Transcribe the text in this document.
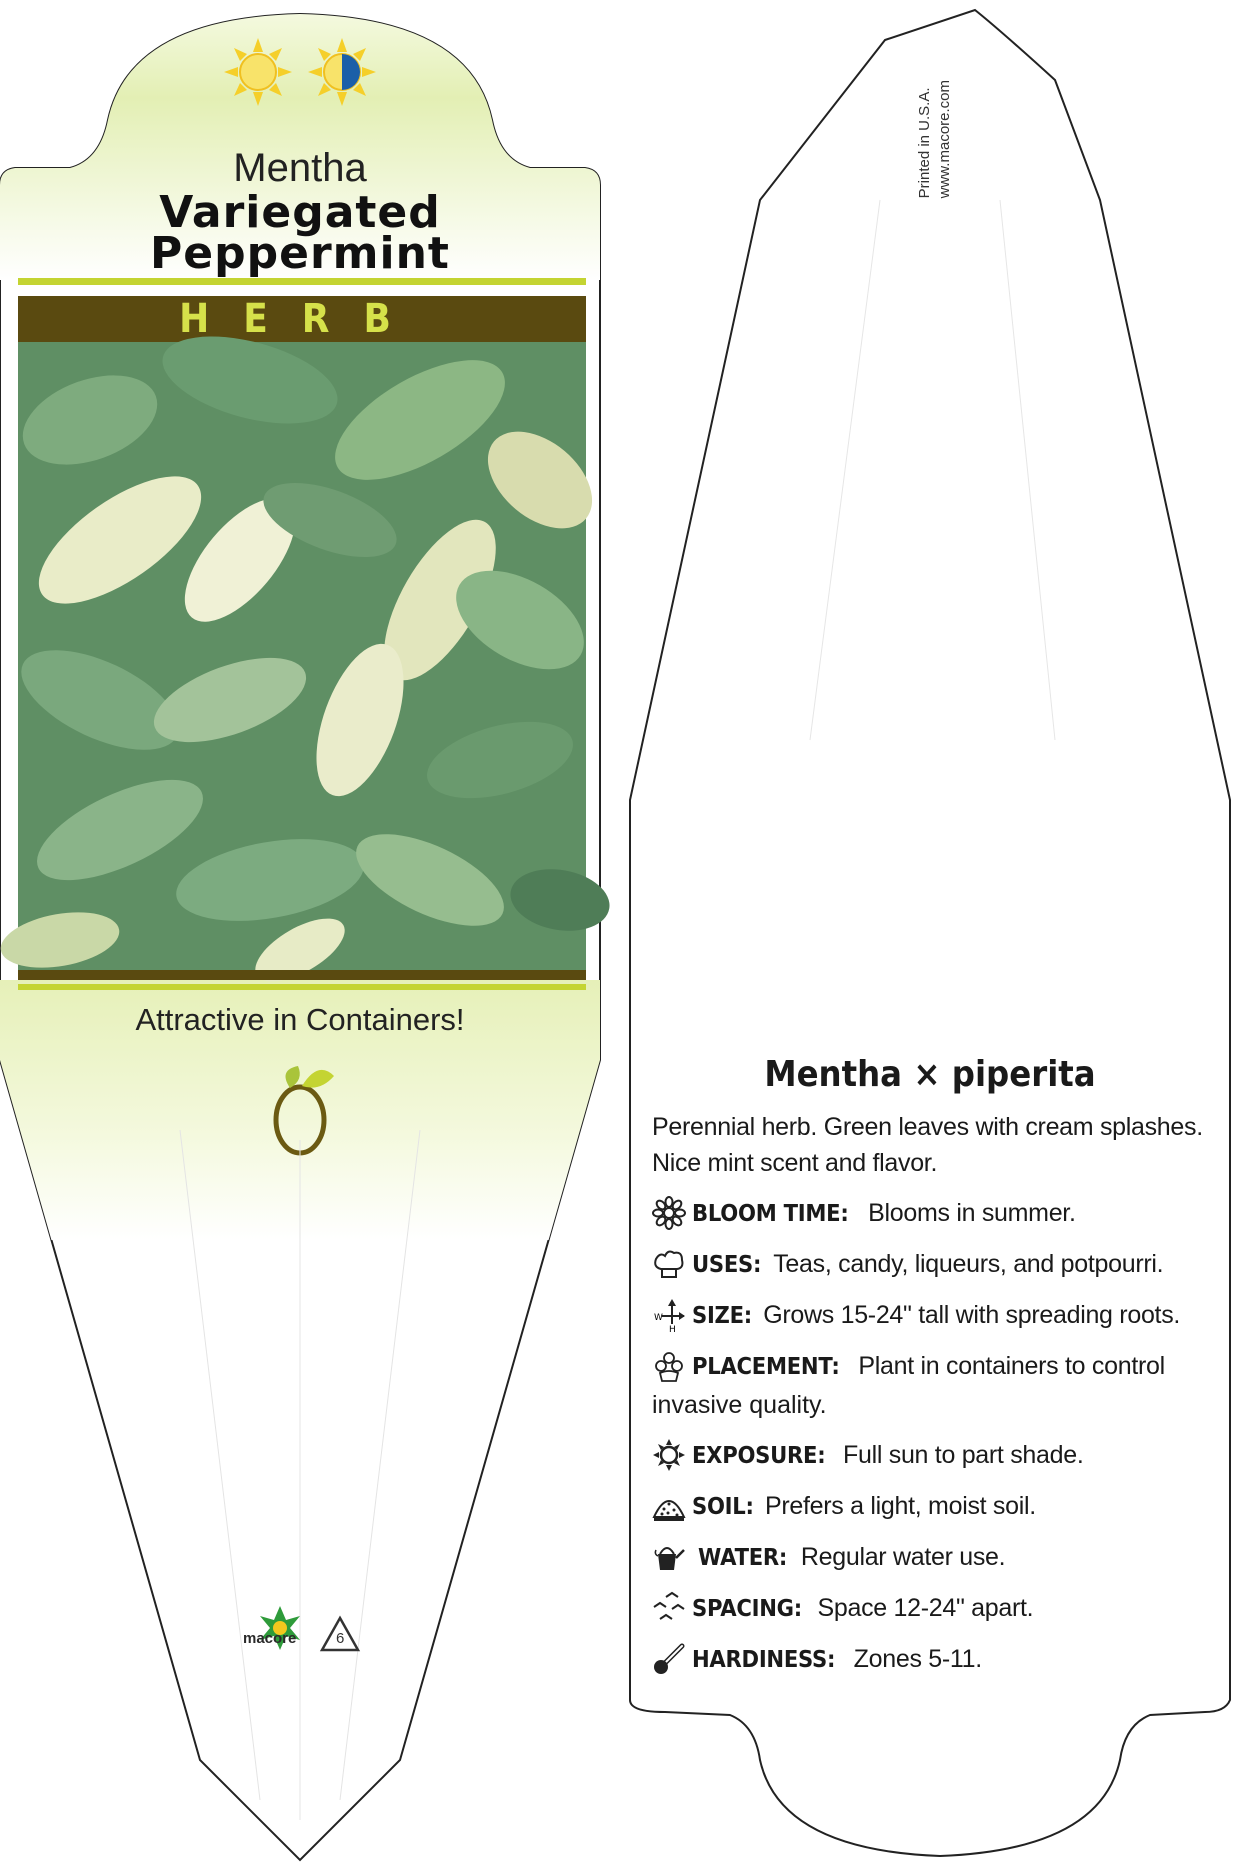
Mentha
Variegated
Peppermint
HERB
Attractive in Containers!
macore	6
Printed in U.S.A. www.macore.com
Mentha × piperita
Perennial herb. Green leaves with cream splashes. Nice mint scent and flavor.
BLOOM TIME: Blooms in summer.
USES: Teas, candy, liqueurs, and potpourri.
W
H
SIZE: Grows 15-24" tall with spreading roots.
PLACEMENT: Plant in containers to control
invasive quality.
EXPOSURE: Full sun to part shade.
SOIL: Prefers a light, moist soil.
WATER: Regular water use.
SPACING: Space 12-24" apart.
HARDINESS: Zones 5-11.
